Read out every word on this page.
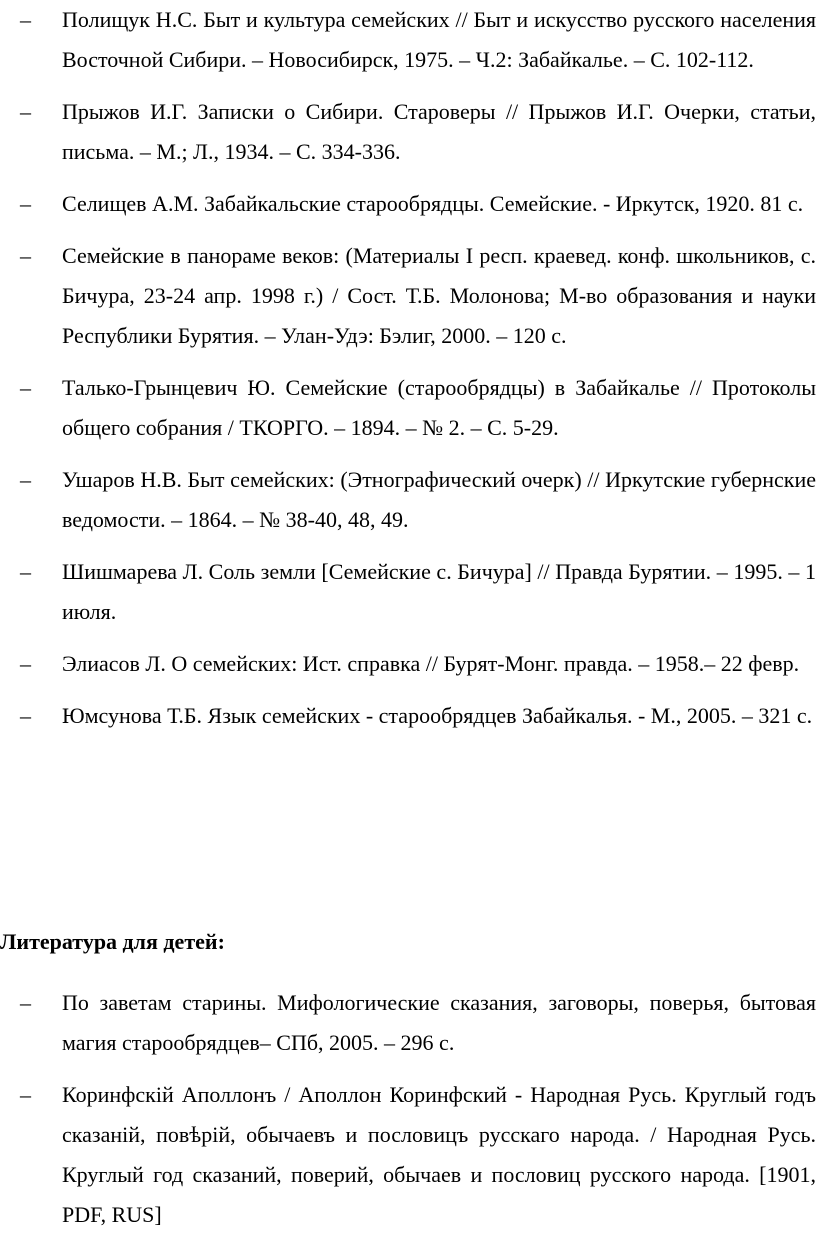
– Полищук Н.С. Быт и культура семейских // Быт и искусство русского населения Восточной Сибири. – Новосибирск, 1975. – Ч.2: Забайкалье. – С. 102-112.
– Прыжов И.Г. Записки о Сибири. Староверы // Прыжов И.Г. Очерки, статьи, письма. – М.; Л., 1934. – С. 334-336.
– Селищев А.М. Забайкальские старообрядцы. Семейские. - Иркутск, 1920. 81 с.
– Семейские в панораме веков: (Материалы I респ. краевед. конф. школьников, с. Бичура, 23-24 апр. 1998 г.) / Сост. Т.Б. Молонова; М-во образования и науки Республики Бурятия. – Улан-Удэ: Бэлиг, 2000. – 120 с.
– Талько-Грынцевич Ю. Семейские (старообрядцы) в Забайкалье // Протоколы общего собрания / ТКОРГО. – 1894. – № 2. – С. 5-29.
– Ушаров Н.В. Быт семейских: (Этнографический очерк) // Иркутские губернские ведомости. – 1864. – № 38-40, 48, 49.
– Шишмарева Л. Соль земли [Семейские с. Бичура] // Правда Бурятии. – 1995. – 1 июля.
– Элиасов Л. О семейских: Ист. справка // Бурят-Монг. правда. – 1958.– 22 февр.
– Юмсунова Т.Б. Язык семейских - старообрядцев Забайкалья. - М., 2005. – 321 с.
Литература для детей:
– По заветам старины. Мифологические сказания, заговоры, поверья, бытовая магия старообрядцев– СПб, 2005. – 296 с.
– Коринфскiй Аполлонъ / Аполлон Коринфский - Народная Русь. Круглый годъ сказанiй, повѣрiй, обычаевъ и пословицъ русскаго народа. / Народная Русь. Круглый год сказаний, поверий, обычаев и пословиц русского народа. [1901, PDF, RUS]
